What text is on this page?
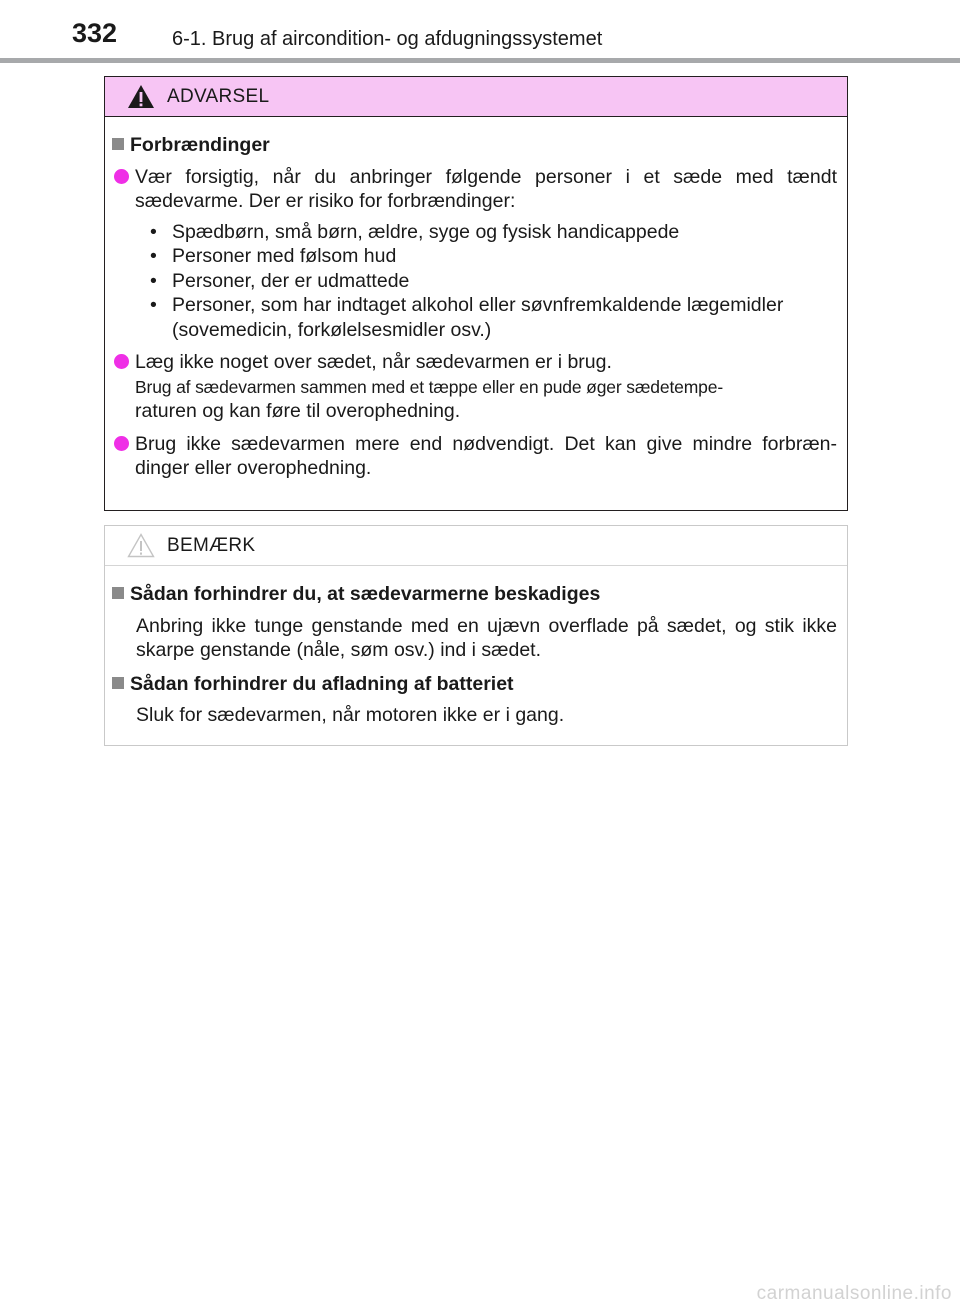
332	6-1. Brug af aircondition- og afdugningssystemet
ADVARSEL
Forbrændinger
Vær forsigtig, når du anbringer følgende personer i et sæde med tændt sædevarme. Der er risiko for forbrændinger:
• Spædbørn, små børn, ældre, syge og fysisk handicappede
• Personer med følsom hud
• Personer, der er udmattede
• Personer, som har indtaget alkohol eller søvnfremkaldende lægemidler (sovemedicin, forkølelsesmidler osv.)
Læg ikke noget over sædet, når sædevarmen er i brug.
Brug af sædevarmen sammen med et tæppe eller en pude øger sædetempe-
raturen og kan føre til overophedning.
Brug ikke sædevarmen mere end nødvendigt. Det kan give mindre forbræn-dinger eller overophedning.
BEMÆRK
Sådan forhindrer du, at sædevarmerne beskadiges
Anbring ikke tunge genstande med en ujævn overflade på sædet, og stik ikke skarpe genstande (nåle, søm osv.) ind i sædet.
Sådan forhindrer du afladning af batteriet
Sluk for sædevarmen, når motoren ikke er i gang.
carmanualsonline.info
